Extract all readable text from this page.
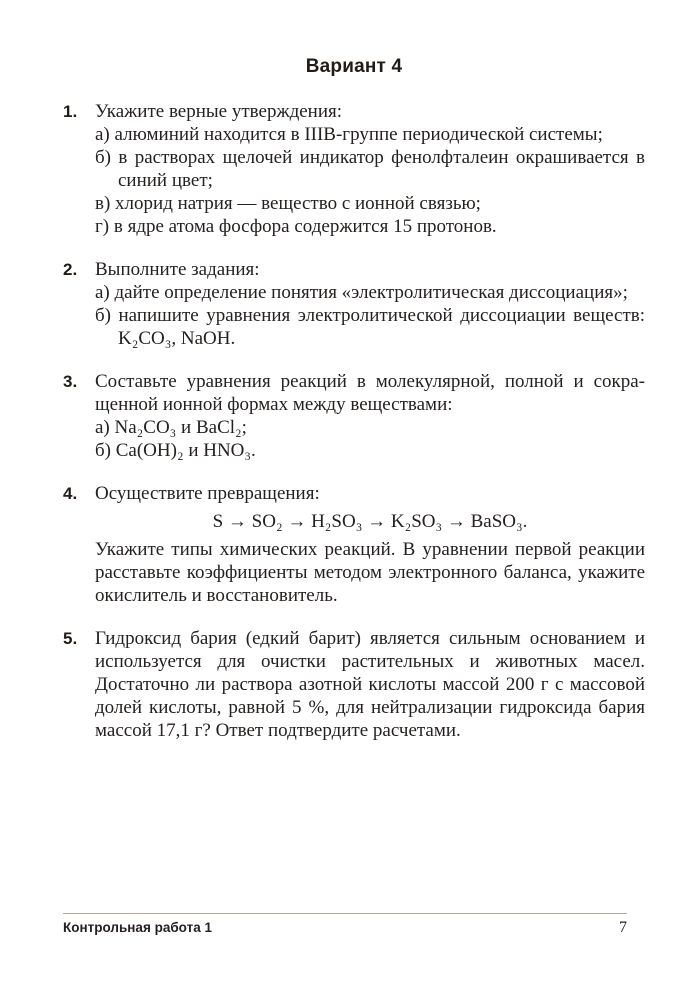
Вариант 4
1. Укажите верные утверждения:

а) алюминий находится в IIIB-группе периодической системы;

б) в растворах щелочей индикатор фенолфталеин окрашивается в синий цвет;

в) хлорид натрия — вещество с ионной связью;

г) в ядре атома фосфора содержится 15 протонов.

2. Выполните задания:

а) дайте определение понятия «электролитическая диссоциация»;

б) напишите уравнения электролитической диссоциации веществ: K₂CO₃, NaOH.

3. Составьте уравнения реакций в молекулярной, полной и сокращенной ионной формах между веществами:

а) Na₂CO₃ и BaCl₂;

б) Ca(OH)₂ и HNO₃.

4. Осуществите превращения:

S → SO₂ → H₂SO₃ → K₂SO₃ → BaSO₃.

Укажите типы химических реакций. В уравнении первой реакции расставьте коэффициенты методом электронного баланса, укажите окислитель и восстановитель.

5. Гидроксид бария (едкий барит) является сильным основанием и используется для очистки растительных и животных масел. Достаточно ли раствора азотной кислоты массой 200 г с массовой долей кислоты, равной 5 %, для нейтрализации гидроксида бария массой 17,1 г? Ответ подтвердите расчетами.

Контрольная работа 1	7
